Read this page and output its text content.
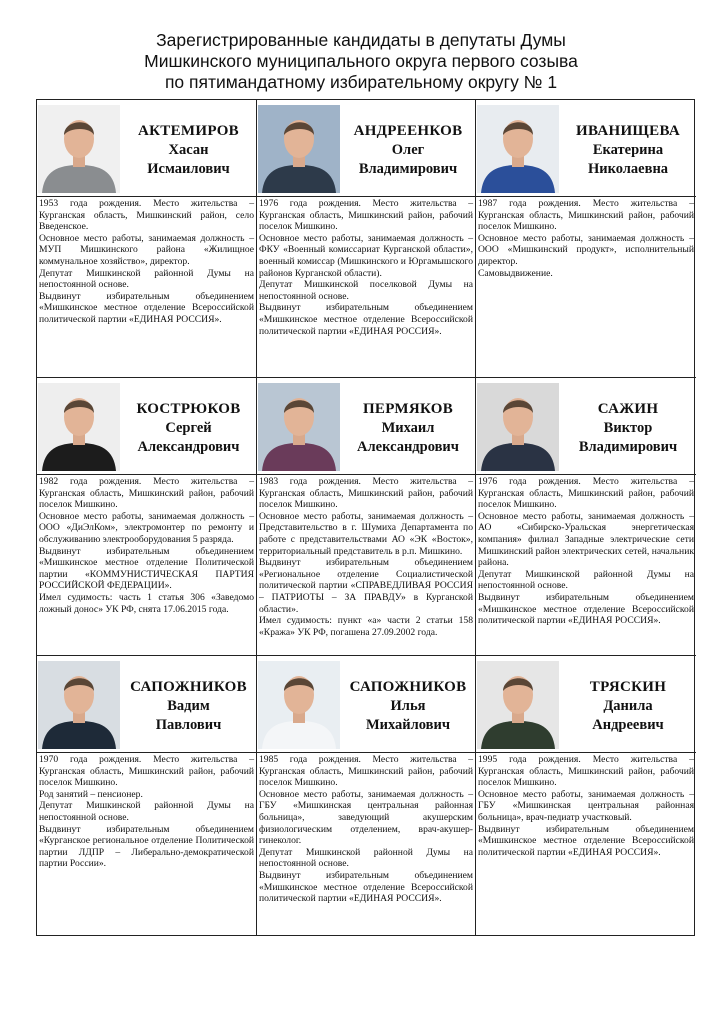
Зарегистрированные кандидаты в депутаты Думы
Мишкинского муниципального округа первого созыва
по пятимандатному избирательному округу № 1
АКТЕМИРОВ
Хасан
Исмаилович

1953 года рождения. Место жительства – Курганская область, Мишкинский район, село Введенское.

Основное место работы, занимаемая должность – МУП Мишкинского района «Жилищное коммунальное хозяйство», директор.

Депутат Мишкинской районной Думы на непостоянной основе.

Выдвинут избирательным объединением «Мишкинское местное отделение Всероссийской политической партии «ЕДИНАЯ РОССИЯ».

АНДРЕЕНКОВ
Олег
Владимирович

1976 года рождения. Место жительства – Курганская область, Мишкинский район, рабочий поселок Мишкино.

Основное место работы, занимаемая должность – ФКУ «Военный комиссариат Курганской области», военный комиссар (Мишкинского и Юргамышского районов Курганской области).

Депутат Мишкинской поселковой Думы на непостоянной основе.

Выдвинут избирательным объединением «Мишкинское местное отделение Всероссийской политической партии «ЕДИНАЯ РОССИЯ».

ИВАНИЩЕВА
Екатерина
Николаевна

1987 года рождения. Место жительства – Курганская область, Мишкинский район, рабочий поселок Мишкино.

Основное место работы, занимаемая должность – ООО «Мишкинский продукт», исполнительный директор.

Самовыдвижение.

КОСТРЮКОВ
Сергей
Александрович

1982 года рождения. Место жительства – Курганская область, Мишкинский район, рабочий поселок Мишкино.

Основное место работы, занимаемая должность – ООО «ДиЭлКом», электромонтер по ремонту и обслуживанию электрооборудования 5 разряда.

Выдвинут избирательным объединением «Мишкинское местное отделение Политической партии «КОММУНИСТИЧЕСКАЯ ПАРТИЯ РОССИЙСКОЙ ФЕДЕРАЦИИ».

Имел судимость: часть 1 статья 306 «Заведомо ложный донос» УК РФ, снята 17.06.2015 года.

ПЕРМЯКОВ
Михаил
Александрович

1983 года рождения. Место жительства – Курганская область, Мишкинский район, рабочий поселок Мишкино.

Основное место работы, занимаемая должность – Представительство в г. Шумиха Департамента по работе с представительствами АО «ЭК «Восток», территориальный представитель в р.п. Мишкино.

Выдвинут избирательным объединением «Региональное отделение Социалистической политической партии «СПРАВЕДЛИВАЯ РОССИЯ – ПАТРИОТЫ – ЗА ПРАВДУ» в Курганской области».

Имел судимость: пункт «а» части 2 статьи 158 «Кража» УК РФ, погашена 27.09.2002 года.

САЖИН
Виктор
Владимирович

1976 года рождения. Место жительства – Курганская область, Мишкинский район, рабочий поселок Мишкино.

Основное место работы, занимаемая должность – АО «Сибирско-Уральская энергетическая компания» филиал Западные электрические сети Мишкинский район электрических сетей, начальник района.

Депутат Мишкинской районной Думы на непостоянной основе.

Выдвинут избирательным объединением «Мишкинское местное отделение Всероссийской политической партии «ЕДИНАЯ РОССИЯ».

САПОЖНИКОВ
Вадим
Павлович

1970 года рождения. Место жительства – Курганская область, Мишкинский район, рабочий поселок Мишкино.

Род занятий – пенсионер.

Депутат Мишкинской районной Думы на непостоянной основе.

Выдвинут избирательным объединением «Курганское региональное отделение Политической партии ЛДПР – Либерально-демократической партии России».

САПОЖНИКОВ
Илья
Михайлович

1985 года рождения. Место жительства – Курганская область, Мишкинский район, рабочий поселок Мишкино.

Основное место работы, занимаемая должность – ГБУ «Мишкинская центральная районная больница», заведующий акушерским физиологическим отделением, врач-акушер-гинеколог.

Депутат Мишкинской районной Думы на непостоянной основе.

Выдвинут избирательным объединением «Мишкинское местное отделение Всероссийской политической партии «ЕДИНАЯ РОССИЯ».

ТРЯСКИН
Данила
Андреевич

1995 года рождения. Место жительства – Курганская область, Мишкинский район, рабочий поселок Мишкино.

Основное место работы, занимаемая должность – ГБУ «Мишкинская центральная районная больница», врач-педиатр участковый.

Выдвинут избирательным объединением «Мишкинское местное отделение Всероссийской политической партии «ЕДИНАЯ РОССИЯ».
